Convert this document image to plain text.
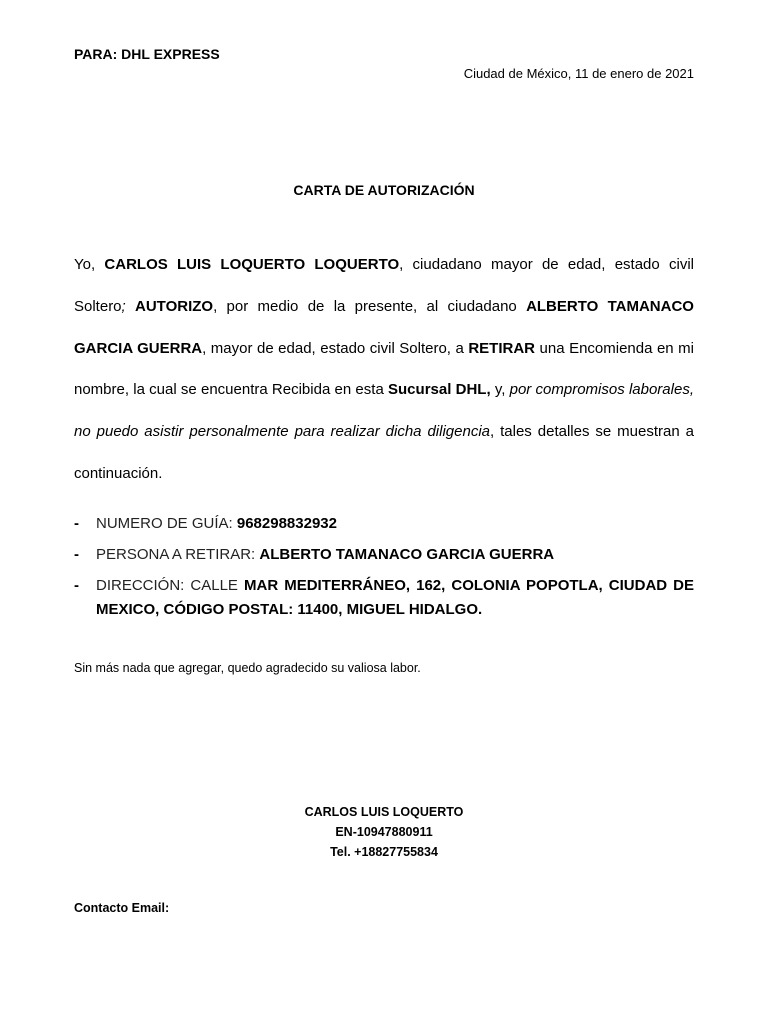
PARA: DHL EXPRESS
Ciudad de México, 11 de enero de 2021
CARTA DE AUTORIZACIÓN

Yo, CARLOS LUIS LOQUERTO LOQUERTO, ciudadano mayor de edad, estado civil Soltero; AUTORIZO, por medio de la presente, al ciudadano ALBERTO TAMANACO GARCIA GUERRA, mayor de edad, estado civil Soltero, a RETIRAR una Encomienda en mi nombre, la cual se encuentra Recibida en esta Sucursal DHL, y, por compromisos laborales, no puedo asistir personalmente para realizar dicha diligencia, tales detalles se muestran a continuación.

- NUMERO DE GUÍA: 968298832932
- PERSONA A RETIRAR: ALBERTO TAMANACO GARCIA GUERRA
- DIRECCIÓN: CALLE MAR MEDITERRÁNEO, 162, COLONIA POPOTLA, CIUDAD DE MEXICO, CÓDIGO POSTAL: 11400, MIGUEL HIDALGO.
Sin más nada que agregar, quedo agradecido su valiosa labor.
CARLOS LUIS LOQUERTO
EN-10947880911
Tel. +18827755834
Contacto Email:
